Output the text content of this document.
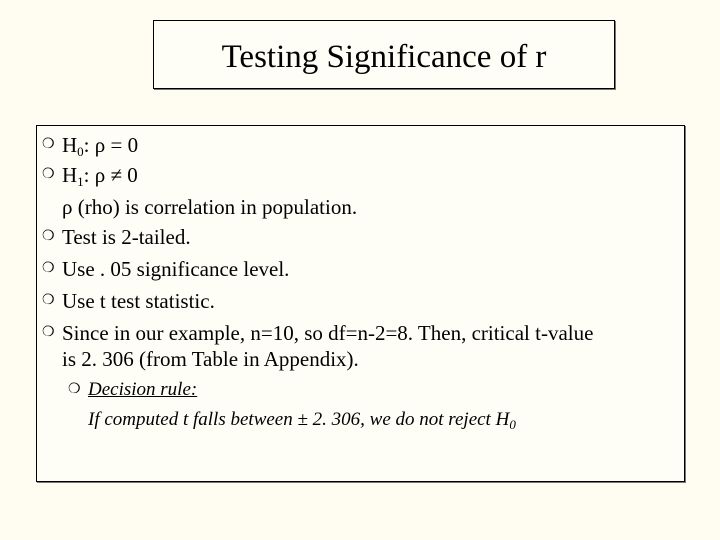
Testing Significance of r
❍ $H_0$: ρ = 0
❍ $H_1$: ρ ≠ 0
ρ (rho) is correlation in population.
❍ Test is 2-tailed.
❍ Use . 05 significance level.
❍ Use t test statistic.
❍ Since in our example, n=10, so df=n-2=8. Then, critical t-value
is 2. 306 (from Table in Appendix).
❍ Decision rule:
If computed t falls between ± 2. 306, we do not reject $H_0$
